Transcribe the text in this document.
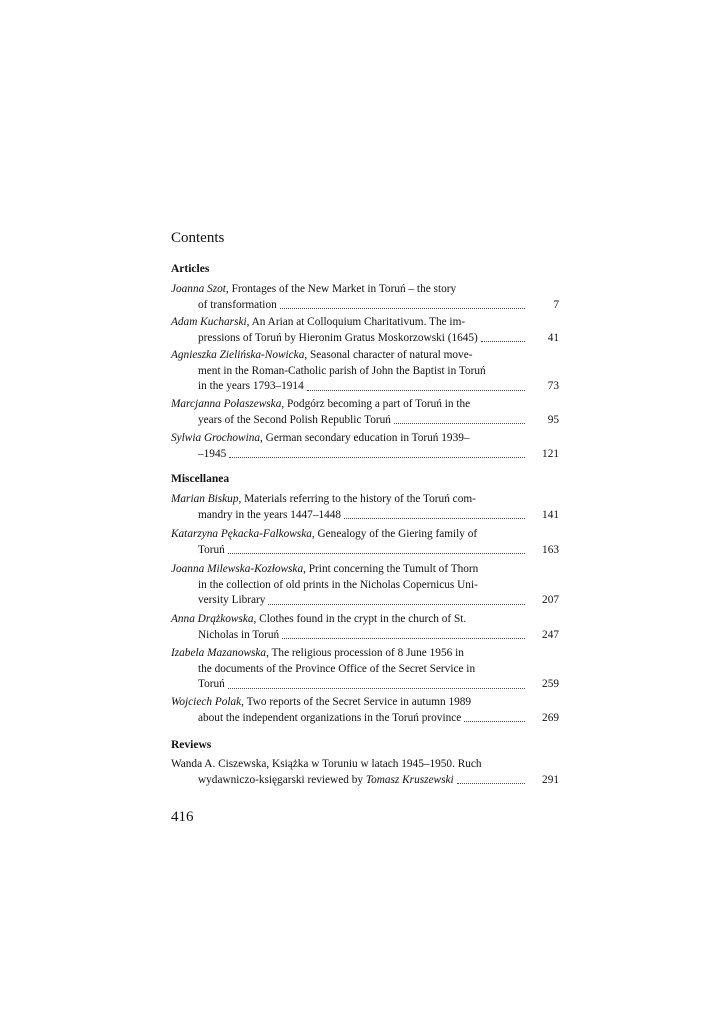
Contents
Articles
Joanna Szot, Frontages of the New Market in Toruń – the story
of transformation	7
Adam Kucharski, An Arian at Colloquium Charitativum. The im-
pressions of Toruń by Hieronim Gratus Moskorzowski (1645)	41
Agnieszka Zielińska-Nowicka, Seasonal character of natural move-
ment in the Roman-Catholic parish of John the Baptist in Toruń
in the years 1793–1914	73
Marcjanna Połaszewska, Podgórz becoming a part of Toruń in the
years of the Second Polish Republic Toruń	95
Sylwia Grochowina, German secondary education in Toruń 1939–
–1945	121
Miscellanea
Marian Biskup, Materials referring to the history of the Toruń com-
mandry in the years 1447–1448	141
Katarzyna Pękacka-Falkowska, Genealogy of the Giering family of
Toruń	163
Joanna Milewska-Kozłowska, Print concerning the Tumult of Thorn
in the collection of old prints in the Nicholas Copernicus Uni-
versity Library	207
Anna Drążkowska, Clothes found in the crypt in the church of St.
Nicholas in Toruń	247
Izabela Mazanowska, The religious procession of 8 June 1956 in
the documents of the Province Office of the Secret Service in
Toruń	259
Wojciech Polak, Two reports of the Secret Service in autumn 1989
about the independent organizations in the Toruń province	269
Reviews
Wanda A. Ciszewska, Książka w Toruniu w latach 1945–1950. Ruch
wydawniczo-księgarski reviewed by Tomasz Kruszewski	291
416
